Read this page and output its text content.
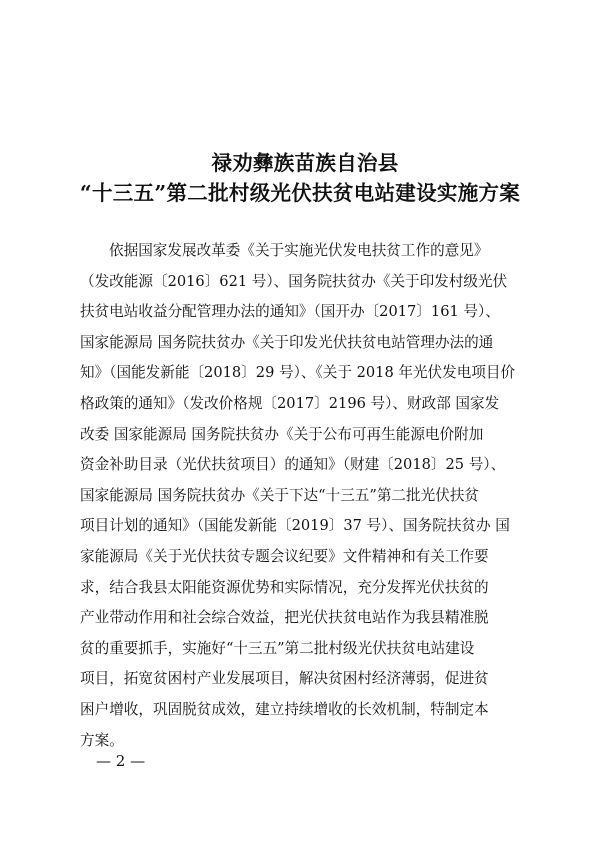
禄劝彝族苗族自治县
“十三五”第二批村级光伏扶贫电站建设实施方案
依据国家发展改革委《关于实施光伏发电扶贫工作的意见》
（发改能源〔2016〕621 号）、国务院扶贫办《关于印发村级光伏
扶贫电站收益分配管理办法的通知》（国开办〔2017〕161 号）、
国家能源局 国务院扶贫办《关于印发光伏扶贫电站管理办法的通
知》（国能发新能〔2018〕29 号）、《关于 2018 年光伏发电项目价
格政策的通知》（发改价格规〔2017〕2196 号）、财政部 国家发
改委 国家能源局 国务院扶贫办《关于公布可再生能源电价附加
资金补助目录（光伏扶贫项目）的通知》（财建〔2018〕25 号）、
国家能源局 国务院扶贫办《关于下达“十三五”第二批光伏扶贫
项目计划的通知》（国能发新能〔2019〕37 号）、国务院扶贫办 国
家能源局《关于光伏扶贫专题会议纪要》文件精神和有关工作要
求，结合我县太阳能资源优势和实际情况，充分发挥光伏扶贫的
产业带动作用和社会综合效益，把光伏扶贫电站作为我县精准脱
贫的重要抓手，实施好“十三五”第二批村级光伏扶贫电站建设
项目，拓宽贫困村产业发展项目，解决贫困村经济薄弱，促进贫
困户增收，巩固脱贫成效，建立持续增收的长效机制，特制定本
方案。
— 2 —
